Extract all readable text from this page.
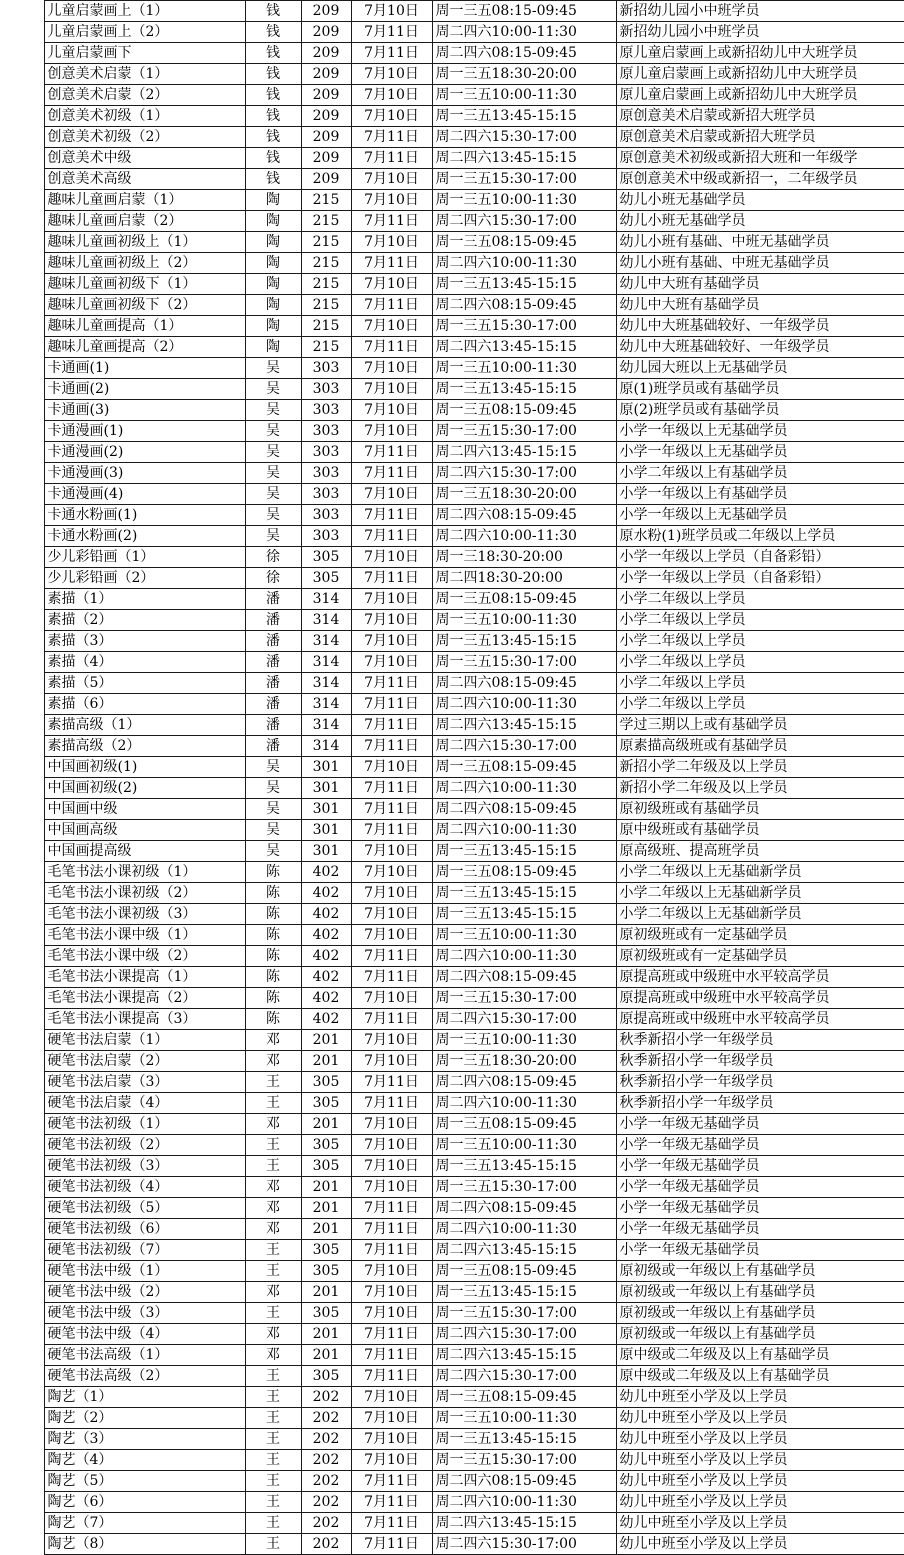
	儿童启蒙画上（1）	钱	209	7月10日	周一三五08:15-09:45	新招幼儿园小中班学员
	儿童启蒙画上（2）	钱	209	7月11日	周二四六10:00-11:30	新招幼儿园小中班学员
	儿童启蒙画下	钱	209	7月11日	周二四六08:15-09:45	原儿童启蒙画上或新招幼儿中大班学员
	创意美术启蒙（1）	钱	209	7月10日	周一三五18:30-20:00	原儿童启蒙画上或新招幼儿中大班学员
	创意美术启蒙（2）	钱	209	7月10日	周一三五10:00-11:30	原儿童启蒙画上或新招幼儿中大班学员
	创意美术初级（1）	钱	209	7月10日	周一三五13:45-15:15	原创意美术启蒙或新招大班学员
	创意美术初级（2）	钱	209	7月11日	周二四六15:30-17:00	原创意美术启蒙或新招大班学员
	创意美术中级	钱	209	7月11日	周二四六13:45-15:15	原创意美术初级或新招大班和一年级学
	创意美术高级	钱	209	7月10日	周一三五15:30-17:00	原创意美术中级或新招一，二年级学员
	趣味儿童画启蒙（1）	陶	215	7月10日	周一三五10:00-11:30	幼儿小班无基础学员
	趣味儿童画启蒙（2）	陶	215	7月11日	周二四六15:30-17:00	幼儿小班无基础学员
	趣味儿童画初级上（1）	陶	215	7月10日	周一三五08:15-09:45	幼儿小班有基础、中班无基础学员
	趣味儿童画初级上（2）	陶	215	7月11日	周二四六10:00-11:30	幼儿小班有基础、中班无基础学员
	趣味儿童画初级下（1）	陶	215	7月10日	周一三五13:45-15:15	幼儿中大班有基础学员
	趣味儿童画初级下（2）	陶	215	7月11日	周二四六08:15-09:45	幼儿中大班有基础学员
	趣味儿童画提高（1）	陶	215	7月10日	周一三五15:30-17:00	幼儿中大班基础较好、一年级学员
	趣味儿童画提高（2）	陶	215	7月11日	周二四六13:45-15:15	幼儿中大班基础较好、一年级学员
	卡通画(1)	吴	303	7月10日	周一三五10:00-11:30	幼儿园大班以上无基础学员
	卡通画(2)	吴	303	7月10日	周一三五13:45-15:15	原(1)班学员或有基础学员
	卡通画(3)	吴	303	7月10日	周一三五08:15-09:45	原(2)班学员或有基础学员
	卡通漫画(1)	吴	303	7月10日	周一三五15:30-17:00	小学一年级以上无基础学员
	卡通漫画(2)	吴	303	7月11日	周二四六13:45-15:15	小学一年级以上无基础学员
	卡通漫画(3)	吴	303	7月11日	周二四六15:30-17:00	小学二年级以上有基础学员
	卡通漫画(4)	吴	303	7月10日	周一三五18:30-20:00	小学一年级以上有基础学员
	卡通水粉画(1)	吴	303	7月11日	周二四六08:15-09:45	小学一年级以上无基础学员
	卡通水粉画(2)	吴	303	7月11日	周二四六10:00-11:30	原水粉(1)班学员或二年级以上学员
	少儿彩铅画（1）	徐	305	7月10日	周一三18:30-20:00	小学一年级以上学员（自备彩铅）
	少儿彩铅画（2）	徐	305	7月11日	周二四18:30-20:00	小学一年级以上学员（自备彩铅）
	素描（1）	潘	314	7月10日	周一三五08:15-09:45	小学二年级以上学员
	素描（2）	潘	314	7月10日	周一三五10:00-11:30	小学二年级以上学员
	素描（3）	潘	314	7月10日	周一三五13:45-15:15	小学二年级以上学员
	素描（4）	潘	314	7月10日	周一三五15:30-17:00	小学二年级以上学员
	素描（5）	潘	314	7月11日	周二四六08:15-09:45	小学二年级以上学员
	素描（6）	潘	314	7月11日	周二四六10:00-11:30	小学二年级以上学员
	素描高级（1）	潘	314	7月11日	周二四六13:45-15:15	学过三期以上或有基础学员
	素描高级（2）	潘	314	7月11日	周二四六15:30-17:00	原素描高级班或有基础学员
	中国画初级(1)	吴	301	7月10日	周一三五08:15-09:45	新招小学二年级及以上学员
	中国画初级(2)	吴	301	7月11日	周二四六10:00-11:30	新招小学二年级及以上学员
	中国画中级	吴	301	7月11日	周二四六08:15-09:45	原初级班或有基础学员
	中国画高级	吴	301	7月11日	周二四六10:00-11:30	原中级班或有基础学员
	中国画提高级	吴	301	7月10日	周一三五13:45-15:15	原高级班、提高班学员
	毛笔书法小课初级（1）	陈	402	7月10日	周一三五08:15-09:45	小学二年级以上无基础新学员
	毛笔书法小课初级（2）	陈	402	7月10日	周一三五13:45-15:15	小学二年级以上无基础新学员
	毛笔书法小课初级（3）	陈	402	7月10日	周一三五13:45-15:15	小学二年级以上无基础新学员
	毛笔书法小课中级（1）	陈	402	7月10日	周一三五10:00-11:30	原初级班或有一定基础学员
	毛笔书法小课中级（2）	陈	402	7月11日	周二四六10:00-11:30	原初级班或有一定基础学员
	毛笔书法小课提高（1）	陈	402	7月11日	周二四六08:15-09:45	原提高班或中级班中水平较高学员
	毛笔书法小课提高（2）	陈	402	7月10日	周一三五15:30-17:00	原提高班或中级班中水平较高学员
	毛笔书法小课提高（3）	陈	402	7月11日	周二四六15:30-17:00	原提高班或中级班中水平较高学员
	硬笔书法启蒙（1）	邓	201	7月10日	周一三五10:00-11:30	秋季新招小学一年级学员
	硬笔书法启蒙（2）	邓	201	7月10日	周一三五18:30-20:00	秋季新招小学一年级学员
	硬笔书法启蒙（3）	王	305	7月11日	周二四六08:15-09:45	秋季新招小学一年级学员
	硬笔书法启蒙（4）	王	305	7月11日	周二四六10:00-11:30	秋季新招小学一年级学员
	硬笔书法初级（1）	邓	201	7月10日	周一三五08:15-09:45	小学一年级无基础学员
	硬笔书法初级（2）	王	305	7月10日	周一三五10:00-11:30	小学一年级无基础学员
	硬笔书法初级（3）	王	305	7月10日	周一三五13:45-15:15	小学一年级无基础学员
	硬笔书法初级（4）	邓	201	7月10日	周一三五15:30-17:00	小学一年级无基础学员
	硬笔书法初级（5）	邓	201	7月11日	周二四六08:15-09:45	小学一年级无基础学员
	硬笔书法初级（6）	邓	201	7月11日	周二四六10:00-11:30	小学一年级无基础学员
	硬笔书法初级（7）	王	305	7月11日	周二四六13:45-15:15	小学一年级无基础学员
	硬笔书法中级（1）	王	305	7月10日	周一三五08:15-09:45	原初级或一年级以上有基础学员
	硬笔书法中级（2）	邓	201	7月10日	周一三五13:45-15:15	原初级或一年级以上有基础学员
	硬笔书法中级（3）	王	305	7月10日	周一三五15:30-17:00	原初级或一年级以上有基础学员
	硬笔书法中级（4）	邓	201	7月11日	周二四六15:30-17:00	原初级或一年级以上有基础学员
	硬笔书法高级（1）	邓	201	7月11日	周二四六13:45-15:15	原中级或二年级及以上有基础学员
	硬笔书法高级（2）	王	305	7月11日	周二四六15:30-17:00	原中级或二年级及以上有基础学员
	陶艺（1）	王	202	7月10日	周一三五08:15-09:45	幼儿中班至小学及以上学员
	陶艺（2）	王	202	7月10日	周一三五10:00-11:30	幼儿中班至小学及以上学员
	陶艺（3）	王	202	7月10日	周一三五13:45-15:15	幼儿中班至小学及以上学员
	陶艺（4）	王	202	7月10日	周一三五15:30-17:00	幼儿中班至小学及以上学员
	陶艺（5）	王	202	7月11日	周二四六08:15-09:45	幼儿中班至小学及以上学员
	陶艺（6）	王	202	7月11日	周二四六10:00-11:30	幼儿中班至小学及以上学员
	陶艺（7）	王	202	7月11日	周二四六13:45-15:15	幼儿中班至小学及以上学员
	陶艺（8）	王	202	7月11日	周二四六15:30-17:00	幼儿中班至小学及以上学员
